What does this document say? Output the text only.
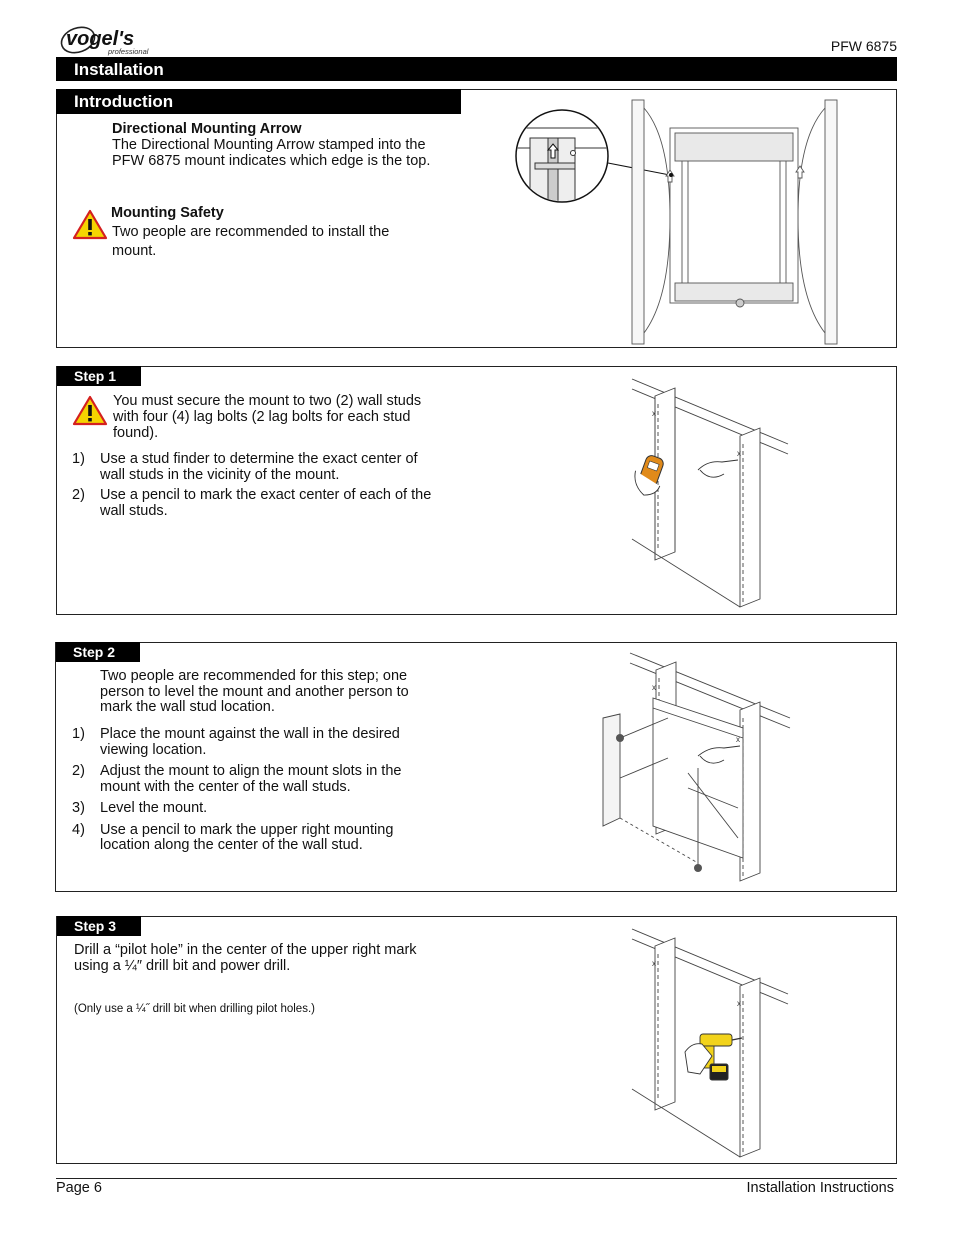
vogel's
professional	PFW 6875
Installation
Introduction
Directional Mounting Arrow
The Directional Mounting Arrow stamped into the
PFW 6875 mount indicates which edge is the top.
Mounting Safety
Two people are recommended to install the
mount.
Step 1
You must secure the mount to two (2) wall studs
with four (4) lag bolts (2 lag bolts for each stud
found).
1)	Use a stud finder to determine the exact center of
wall studs in the vicinity of the mount.
2)	Use a pencil to mark the exact center of each of the
wall studs.
x
x
Step 2
Two people are recommended for this step; one
person to level the mount and another person to
mark the wall stud location.
1)	Place the mount against the wall in the desired
viewing location.
2)	Adjust the mount to align the mount slots in the
mount with the center of the wall studs.
3)	Level the mount.
4)	Use a pencil to mark the upper right mounting
location along the center of the wall stud.
x
x
Step 3
Drill a “pilot hole” in the center of the upper right mark
using a ¼″ drill bit and power drill.
(Only use a ¼˝ drill bit when drilling pilot holes.)
x
x
Page 6	Installation Instructions
